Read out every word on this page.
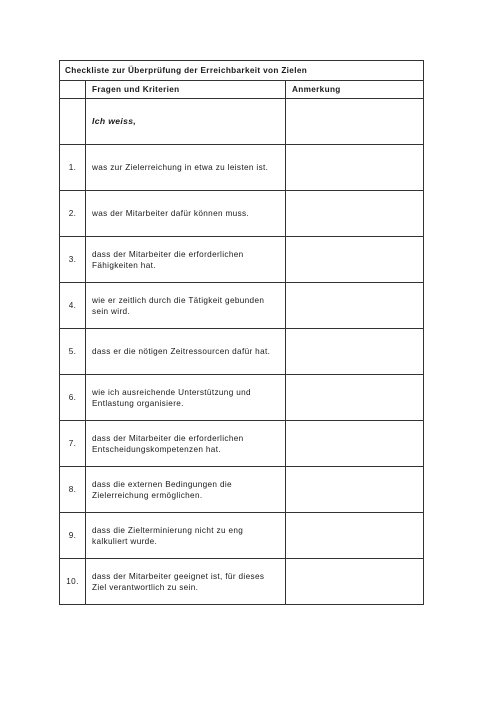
Checkliste zur Überprüfung der Erreichbarkeit von Zielen		
	Fragen und Kriterien	Anmerkung
	Ich weiss,	
1.	was zur Zielerreichung in etwa zu leisten ist.	
2.	was der Mitarbeiter dafür können muss.	
3.	dass der Mitarbeiter die erforderlichen Fähigkeiten hat.	
4.	wie er zeitlich durch die Tätigkeit gebunden sein wird.	
5.	dass er die nötigen Zeitressourcen dafür hat.	
6.	wie ich ausreichende Unterstützung und Entlastung organisiere.	
7.	dass der Mitarbeiter die erforderlichen Entscheidungskompetenzen hat.	
8.	dass die externen Bedingungen die Zielerreichung ermöglichen.	
9.	dass die Zielterminierung nicht zu eng kalkuliert wurde.	
10.	dass der Mitarbeiter geeignet ist, für dieses Ziel verantwortlich zu sein.	
